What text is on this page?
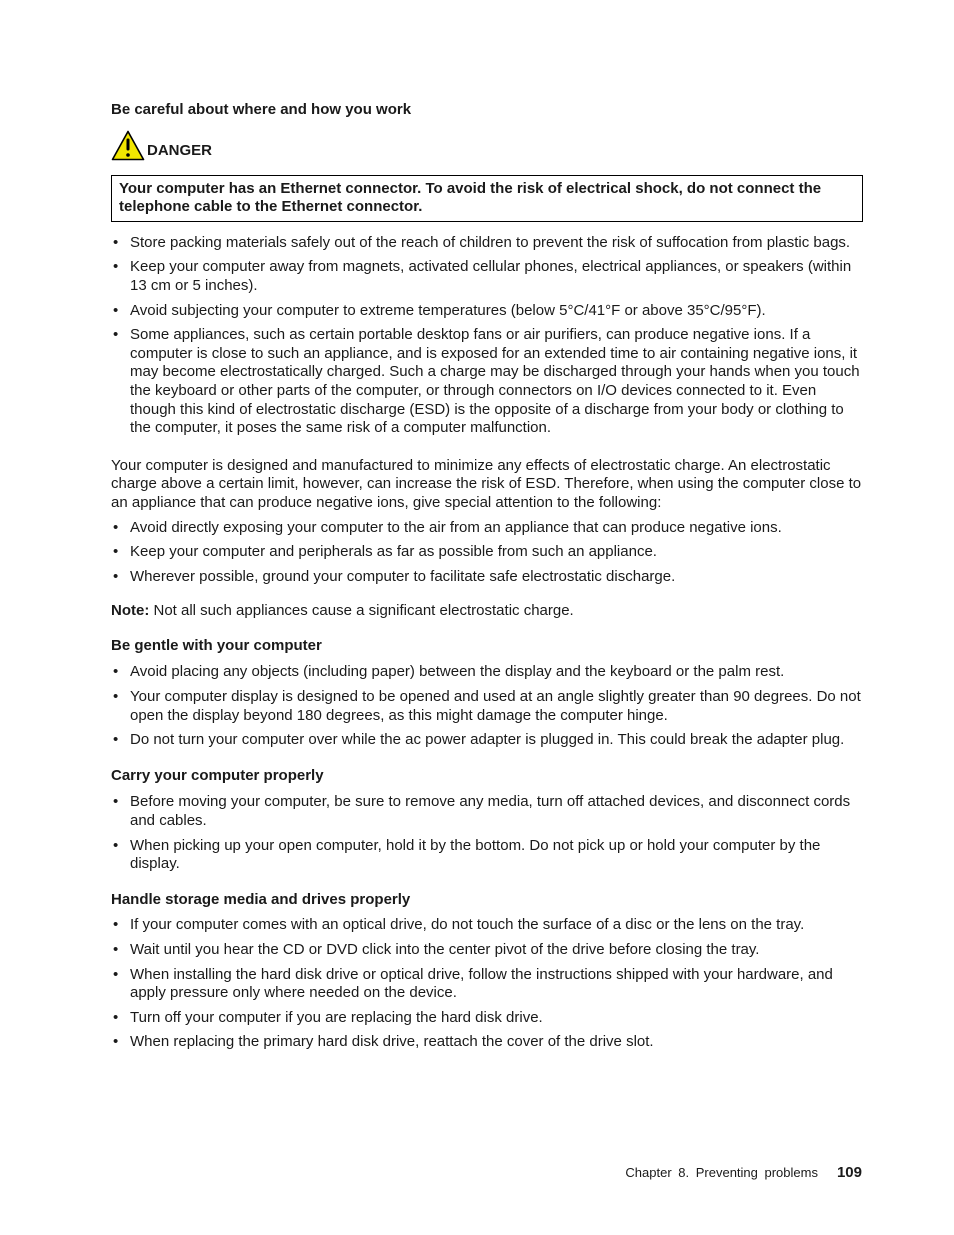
Be careful about where and how you work

DANGER
Your computer has an Ethernet connector. To avoid the risk of electrical shock, do not connect the telephone cable to the Ethernet connector.
• Store packing materials safely out of the reach of children to prevent the risk of suffocation from plastic bags.
• Keep your computer away from magnets, activated cellular phones, electrical appliances, or speakers (within 13 cm or 5 inches).
• Avoid subjecting your computer to extreme temperatures (below 5°C/41°F or above 35°C/95°F).
• Some appliances, such as certain portable desktop fans or air purifiers, can produce negative ions. If a computer is close to such an appliance, and is exposed for an extended time to air containing negative ions, it may become electrostatically charged. Such a charge may be discharged through your hands when you touch the keyboard or other parts of the computer, or through connectors on I/O devices connected to it. Even though this kind of electrostatic discharge (ESD) is the opposite of a discharge from your body or clothing to the computer, it poses the same risk of a computer malfunction.

Your computer is designed and manufactured to minimize any effects of electrostatic charge. An electrostatic charge above a certain limit, however, can increase the risk of ESD. Therefore, when using the computer close to an appliance that can produce negative ions, give special attention to the following:

• Avoid directly exposing your computer to the air from an appliance that can produce negative ions.
• Keep your computer and peripherals as far as possible from such an appliance.
• Wherever possible, ground your computer to facilitate safe electrostatic discharge.

Note: Not all such appliances cause a significant electrostatic charge.

Be gentle with your computer

• Avoid placing any objects (including paper) between the display and the keyboard or the palm rest.
• Your computer display is designed to be opened and used at an angle slightly greater than 90 degrees. Do not open the display beyond 180 degrees, as this might damage the computer hinge.
• Do not turn your computer over while the ac power adapter is plugged in. This could break the adapter plug.

Carry your computer properly

• Before moving your computer, be sure to remove any media, turn off attached devices, and disconnect cords and cables.
• When picking up your open computer, hold it by the bottom. Do not pick up or hold your computer by the display.

Handle storage media and drives properly

• If your computer comes with an optical drive, do not touch the surface of a disc or the lens on the tray.
• Wait until you hear the CD or DVD click into the center pivot of the drive before closing the tray.
• When installing the hard disk drive or optical drive, follow the instructions shipped with your hardware, and apply pressure only where needed on the device.
• Turn off your computer if you are replacing the hard disk drive.
• When replacing the primary hard disk drive, reattach the cover of the drive slot.
Chapter 8. Preventing problems 109
